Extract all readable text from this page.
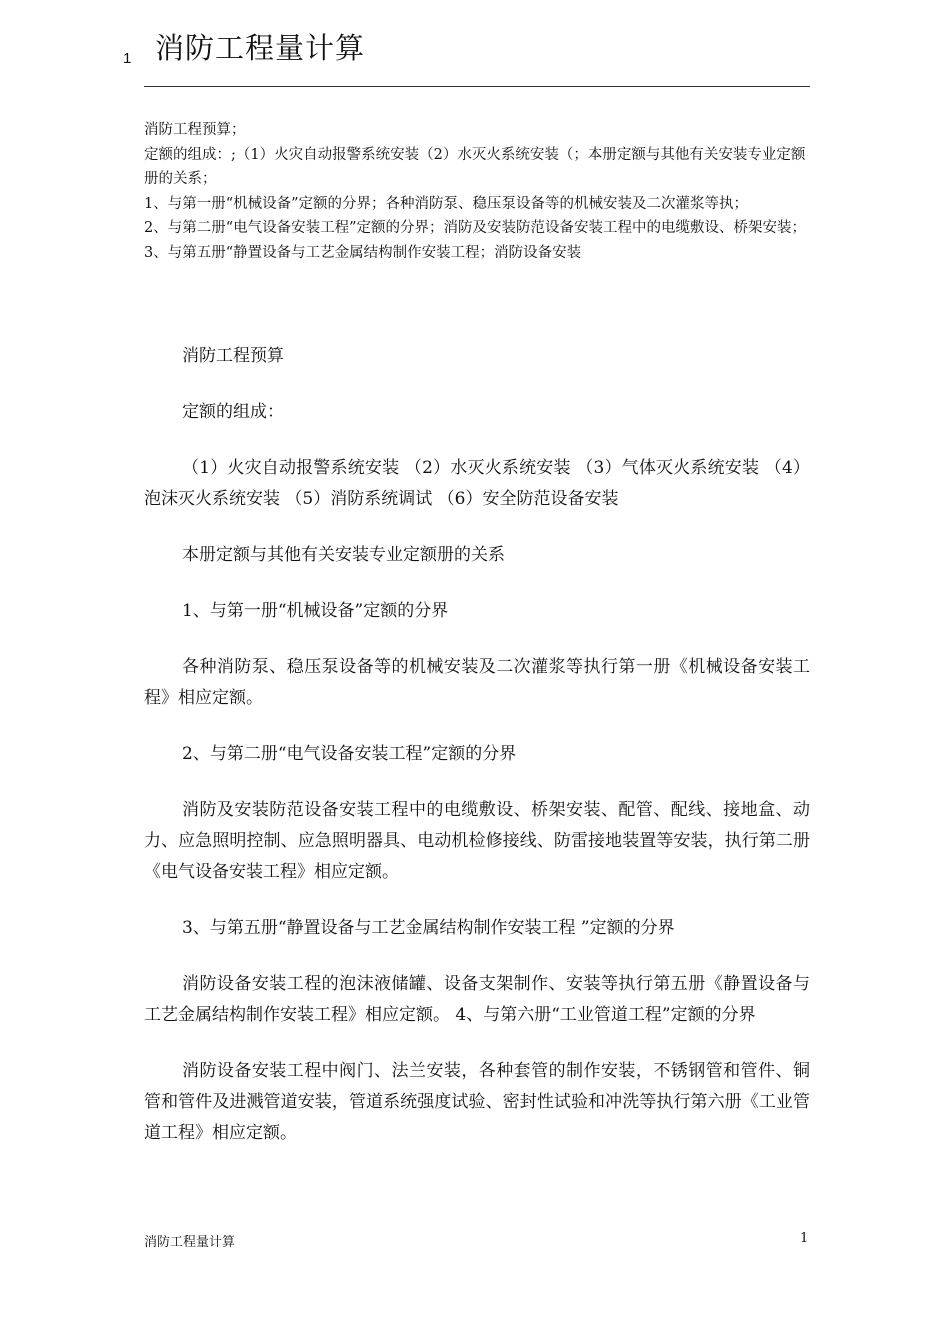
1 消防工程量计算

消防工程预算；

定额的组成：;（1）火灾自动报警系统安装（2）水灭火系统安装（；本册定额与其他有关安装专业定额册的关系；

1、与第一册“机械设备”定额的分界；各种消防泵、稳压泵设备等的机械安装及二次灌浆等执；

2、与第二册“电气设备安装工程”定额的分界；消防及安装防范设备安装工程中的电缆敷设、桥架安装；

3、与第五册“静置设备与工艺金属结构制作安装工程；消防设备安装

消防工程预算

定额的组成：

（1）火灾自动报警系统安装 （2）水灭火系统安装 （3）气体灭火系统安装 （4）泡沫灭火系统安装 （5）消防系统调试 （6）安全防范设备安装

本册定额与其他有关安装专业定额册的关系

1、与第一册“机械设备”定额的分界

各种消防泵、稳压泵设备等的机械安装及二次灌浆等执行第一册《机械设备安装工程》相应定额。

2、与第二册“电气设备安装工程”定额的分界

消防及安装防范设备安装工程中的电缆敷设、桥架安装、配管、配线、接地盒、动力、应急照明控制、应急照明器具、电动机检修接线、防雷接地装置等安装，执行第二册《电气设备安装工程》相应定额。

3、与第五册“静置设备与工艺金属结构制作安装工程 ”定额的分界

消防设备安装工程的泡沫液储罐、设备支架制作、安装等执行第五册《静置设备与工艺金属结构制作安装工程》相应定额。 4、与第六册“工业管道工程”定额的分界

消防设备安装工程中阀门、法兰安装，各种套管的制作安装，不锈钢管和管件、铜管和管件及进溅管道安装，管道系统强度试验、密封性试验和冲洗等执行第六册《工业管道工程》相应定额。

消防工程量计算	1
